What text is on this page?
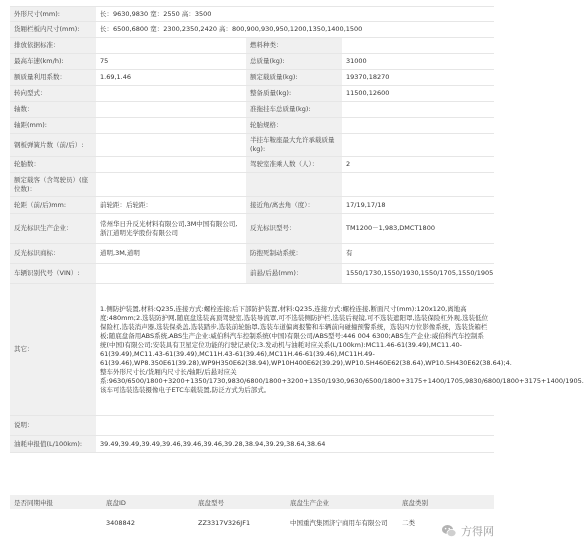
外形尺寸(mm):	长：9630,9830 宽：2550 高：3500		
货厢栏板内尺寸(mm):	长：6500,6800 宽：2300,2350,2420 高：800,900,930,950,1200,1350,1400,1500		
排放依据标准：		燃料种类：	
最高车速(km/h):	75	总质量(kg):	31000
额质量利用系数：	1.69,1.46	额定载质量(kg):	19370,18270
转向型式：		整备质量(kg):	11500,12600
轴数：		准拖挂车总质量(kg):	
轴距(mm):		轮胎规格：	
钢板弹簧片数（前/后）:		半挂车鞍座最大允许承载质量(kg):	
轮胎数：		驾驶室准乘人数（人）：	2
额定载客（含驾驶员）(座位数)：			
轮距（前/后)mm:	前轮距：后轮距：	接近角/离去角（度）：	17/19,17/18
反光标识生产企业：	常州华日升反光材料有限公司,3M中国有限公司,浙江道明光学股份有限公司	反光标识型号：	TM1200－1,983,DMCT1800
反光标识商标：	道明,3M,道明	防抱死制动系统：	有
车辆识别代号（VIN）:		前悬/后悬(mm)：	1550/1730,1550/1930,1550/1705,1550/1905
其它：	1.侧防护装置,材料:Q235,连接方式:螺栓连接;后下部防护装置,材料:Q235,连接方式:螺栓连接,断面尺寸(mm):120x120,离地高度:480mm;2.选装防护网,随底盘选装高顶驾驶室,选装导流罩,可不选装侧防护栏,选装后视镜,可不选装遮阳罩,选装保险杠外观,选装低位保险杠,选装消声器,选装保桑盖,选装踏步,选装前轮胎罩,选装车道偏离报警和车辆前向碰撞预警系统，选装四方位影像系统，选装货箱栏板;随底盘备用ABS系统,ABS生产企业:威伯科汽车控制系统(中国)有限公司/ABS型号:446 004 6300;ABS生产企业:威伯科汽车控制系统(中国)有限公司;安装具有卫星定位功能的行驶记录仪;3.发动机与油耗对应关系(L/100km):MC11.46-61(39.49),MC11.40-61(39.49),MC11.43-61(39.49),MC11H.43-61(39.46),MC11H.46-61(39.46),MC11H.49-61(39.46),WP8.350E61(39.28),WP9H350E62(38.94),WP10H400E62(39.29),WP10.5H460E62(38.64),WP10.5H430E62(38.64);4.整车外形尺寸长/货厢内尺寸长/轴距/后悬对应关系:9630/6500/1800+3200+1350/1730,9830/6800/1800+3200+1350/1930,9630/6500/1800+3175+1400/1705,9830/6800/1800+3175+1400/1905.该车可选装选装摄像电子ETC车载装置,防泛方式为后部式。		
说明：			
油耗申报值(L/100km):	39.49,39.49,39.49,39.46,39.46,39.46,39.28,38.94,39.29,38.64,38.64		
是否同期申报	底盘ID	底盘型号	底盘生产企业	底盘类别
	3408842	ZZ3317V326JF1	中国重汽集团济宁商用车有限公司	二类
方得网
